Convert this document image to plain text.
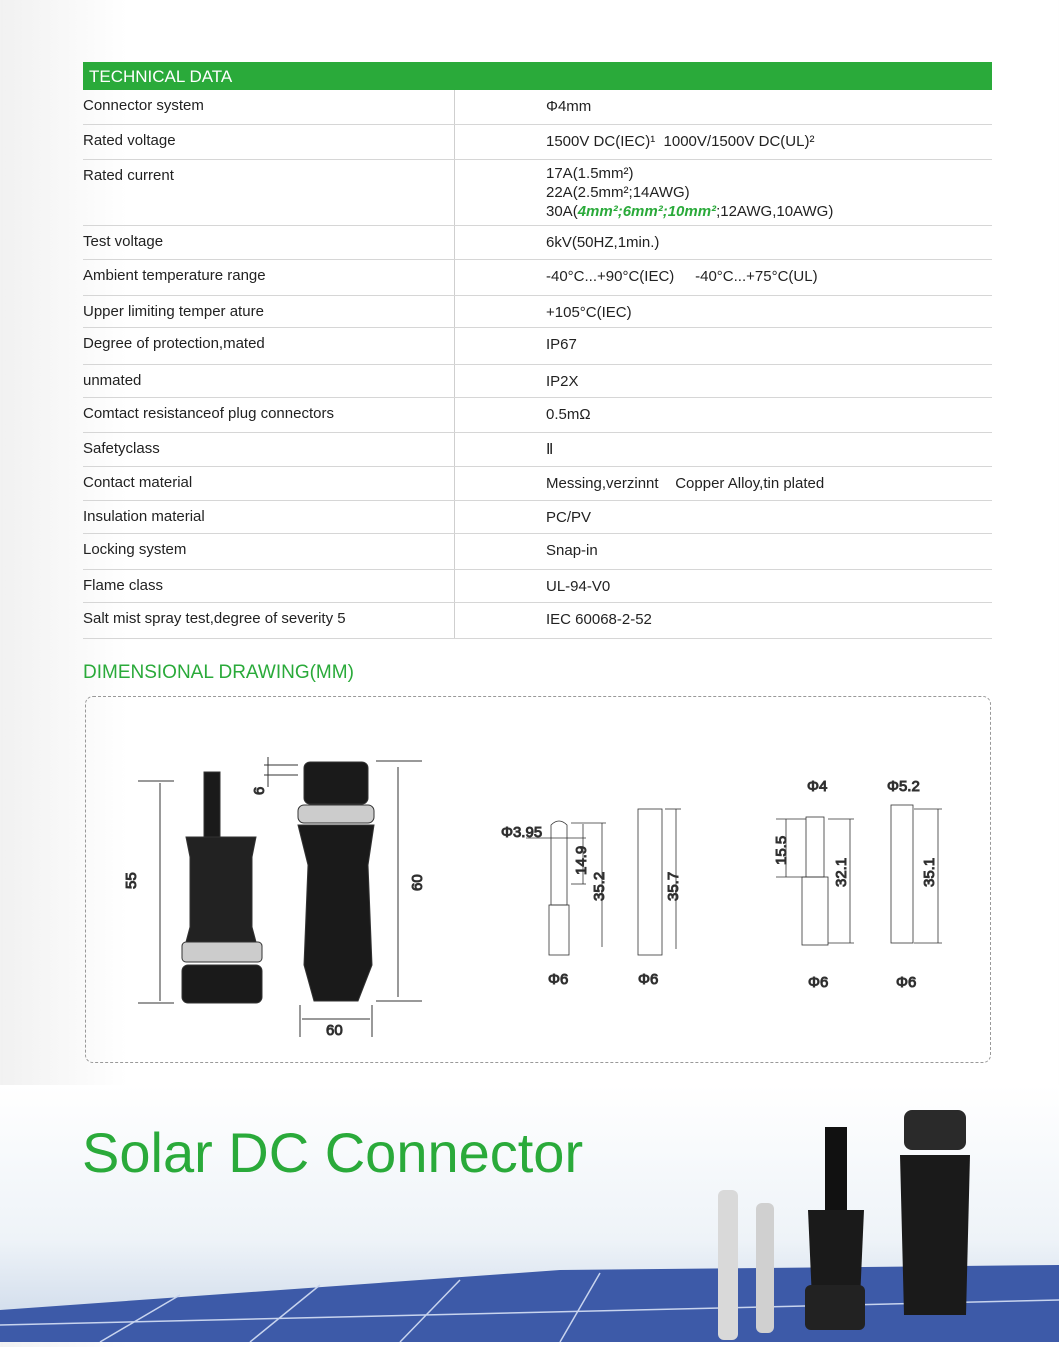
TECHNICAL DATA
Connector system	Φ4mm
Rated voltage	1500V DC(IEC)¹  1000V/1500V DC(UL)²
Rated current	17A(1.5mm²)
22A(2.5mm²;14AWG)
30A(4mm²;6mm²;10mm²;12AWG,10AWG)
Test voltage	6kV(50HZ,1min.)
Ambient temperature range	-40°C...+90°C(IEC)     -40°C...+75°C(UL)
Upper limiting temper ature	+105°C(IEC)
Degree of protection,mated	IP67
unmated	IP2X
Comtact resistanceof plug connectors	0.5mΩ
Safetyclass	Ⅱ
Contact material	Messing,verzinnt    Copper Alloy,tin plated
Insulation material	PC/PV
Locking system	Snap-in
Flame class	UL-94-V0
Salt mist spray test,degree of severity 5	IEC 60068-2-52
DIMENSIONAL DRAWING(MM)
55
6
60
60
Φ3.95
14.9
35.2	35.7
Φ6	Φ6
Φ4	Φ5.2
15.5
32.1	35.1
Φ6	Φ6
Solar DC Connector
